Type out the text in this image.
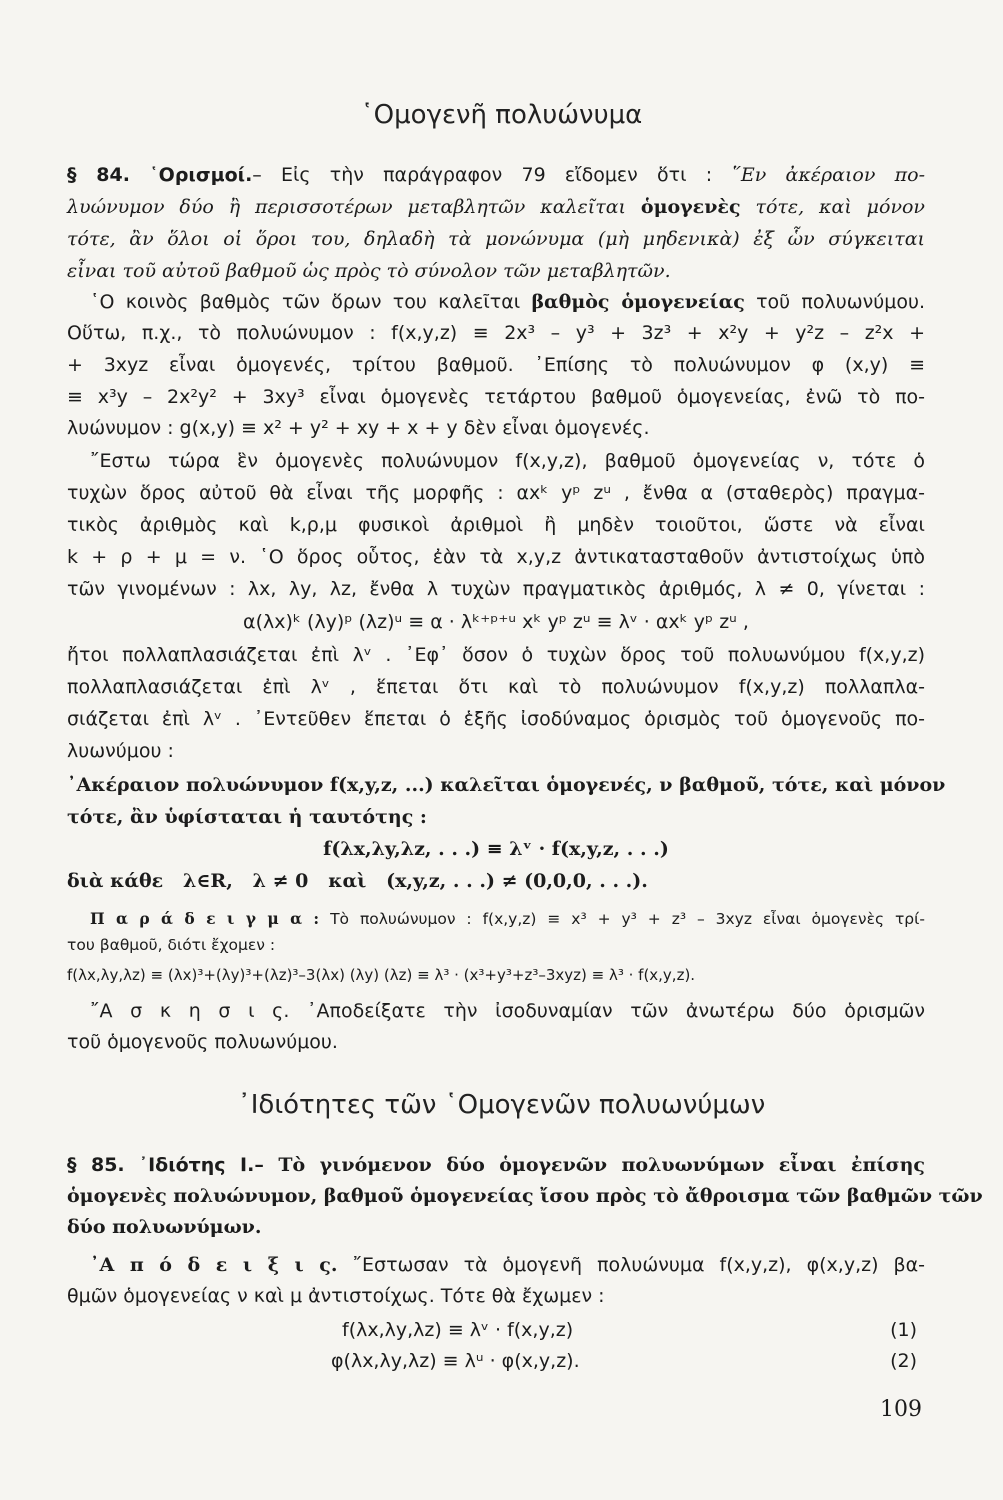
῾Ομογενῆ πολυώνυμα
§ 84. ῾Ορισμοί.– Εἰς τὴν παράγραφον 79 εἴδομεν ὅτι : ῞Εν ἀκέραιον πο-
λυώνυμον δύο ἢ περισσοτέρων μεταβλητῶν καλεῖται ὁμογενὲς τότε, καὶ μόνον
τότε, ἂν ὅλοι οἱ ὅροι του, δηλαδὴ τὰ μονώνυμα (μὴ μηδενικὰ) ἐξ ὧν σύγκειται
εἶναι τοῦ αὐτοῦ βαθμοῦ ὡς πρὸς τὸ σύνολον τῶν μεταβλητῶν.
῾Ο κοινὸς βαθμὸς τῶν ὅρων του καλεῖται βαθμὸς ὁμογενείας τοῦ πολυωνύμου.
Οὕτω, π.χ., τὸ πολυώνυμον : f(x,y,z) ≡ 2x³ – y³ + 3z³ + x²y + y²z – z²x +
+ 3xyz εἶναι ὁμογενές, τρίτου βαθμοῦ. ᾿Επίσης τὸ πολυώνυμον φ (x,y) ≡
≡ x³y – 2x²y² + 3xy³ εἶναι ὁμογενὲς τετάρτου βαθμοῦ ὁμογενείας, ἐνῶ τὸ πο-
λυώνυμον : g(x,y) ≡ x² + y² + xy + x + y δὲν εἶναι ὁμογενές.
῎Εστω τώρα ἓν ὁμογενὲς πολυώνυμον f(x,y,z), βαθμοῦ ὁμογενείας ν, τότε ὁ
τυχὼν ὅρος αὐτοῦ θὰ εἶναι τῆς μορφῆς : αxᵏ yᵖ zᵘ , ἔνθα α (σταθερὸς) πραγμα-
τικὸς ἀριθμὸς καὶ k,ρ,μ φυσικοὶ ἀριθμοὶ ἢ μηδὲν τοιοῦτοι, ὥστε νὰ εἶναι
k + ρ + μ = ν. ῾Ο ὅρος οὗτος, ἐὰν τὰ x,y,z ἀντικατασταθοῦν ἀντιστοίχως ὑπὸ
τῶν γινομένων : λx, λy, λz, ἔνθα λ τυχὼν πραγματικὸς ἀριθμός, λ ≠ 0, γίνεται :
α(λx)ᵏ (λy)ᵖ (λz)ᵘ ≡ α · λᵏ⁺ᵖ⁺ᵘ xᵏ yᵖ zᵘ ≡ λᵛ · αxᵏ yᵖ zᵘ ,
ἤτοι πολλαπλασιάζεται ἐπὶ λᵛ . ᾿Εφ᾿ ὅσον ὁ τυχὼν ὅρος τοῦ πολυωνύμου f(x,y,z)
πολλαπλασιάζεται ἐπὶ λᵛ , ἕπεται ὅτι καὶ τὸ πολυώνυμον f(x,y,z) πολλαπλα-
σιάζεται ἐπὶ λᵛ . ᾿Εντεῦθεν ἕπεται ὁ ἑξῆς ἰσοδύναμος ὁρισμὸς τοῦ ὁμογενοῦς πο-
λυωνύμου :
᾿Ακέραιον πολυώνυμον f(x,y,z, ...) καλεῖται ὁμογενές, ν βαθμοῦ, τότε, καὶ μόνον
τότε, ἂν ὑφίσταται ἡ ταυτότης :
f(λx,λy,λz, . . .) ≡ λᵛ · f(x,y,z, . . .)
διὰ κάθε   λ∈R,   λ ≠ 0   καὶ   (x,y,z, . . .) ≠ (0,0,0, . . .).
Π α ρ ά δ ε ι γ μ α : Τὸ πολυώνυμον : f(x,y,z) ≡ x³ + y³ + z³ – 3xyz εἶναι ὁμογενὲς τρί-
του βαθμοῦ, διότι ἔχομεν :
f(λx,λy,λz) ≡ (λx)³+(λy)³+(λz)³–3(λx) (λy) (λz) ≡ λ³ · (x³+y³+z³–3xyz) ≡ λ³ · f(x,y,z).
῎Α σ κ η σ ι ς. ᾿Αποδείξατε τὴν ἰσοδυναμίαν τῶν ἀνωτέρω δύο ὁρισμῶν
τοῦ ὁμογενοῦς πολυωνύμου.
᾿Ιδιότητες τῶν ῾Ομογενῶν πολυωνύμων
§ 85. ᾿Ιδιότης Ι.– Τὸ γινόμενον δύο ὁμογενῶν πολυωνύμων εἶναι ἐπίσης
ὁμογενὲς πολυώνυμον, βαθμοῦ ὁμογενείας ἴσου πρὸς τὸ ἄθροισμα τῶν βαθμῶν τῶν
δύο πολυωνύμων.
᾿Α π ό δ ε ι ξ ι ς. ῎Εστωσαν τὰ ὁμογενῆ πολυώνυμα f(x,y,z), φ(x,y,z) βα-
θμῶν ὁμογενείας ν καὶ μ ἀντιστοίχως. Τότε θὰ ἔχωμεν :
f(λx,λy,λz) ≡ λᵛ · f(x,y,z)	(1)
φ(λx,λy,λz) ≡ λᵘ · φ(x,y,z).	(2)
109
